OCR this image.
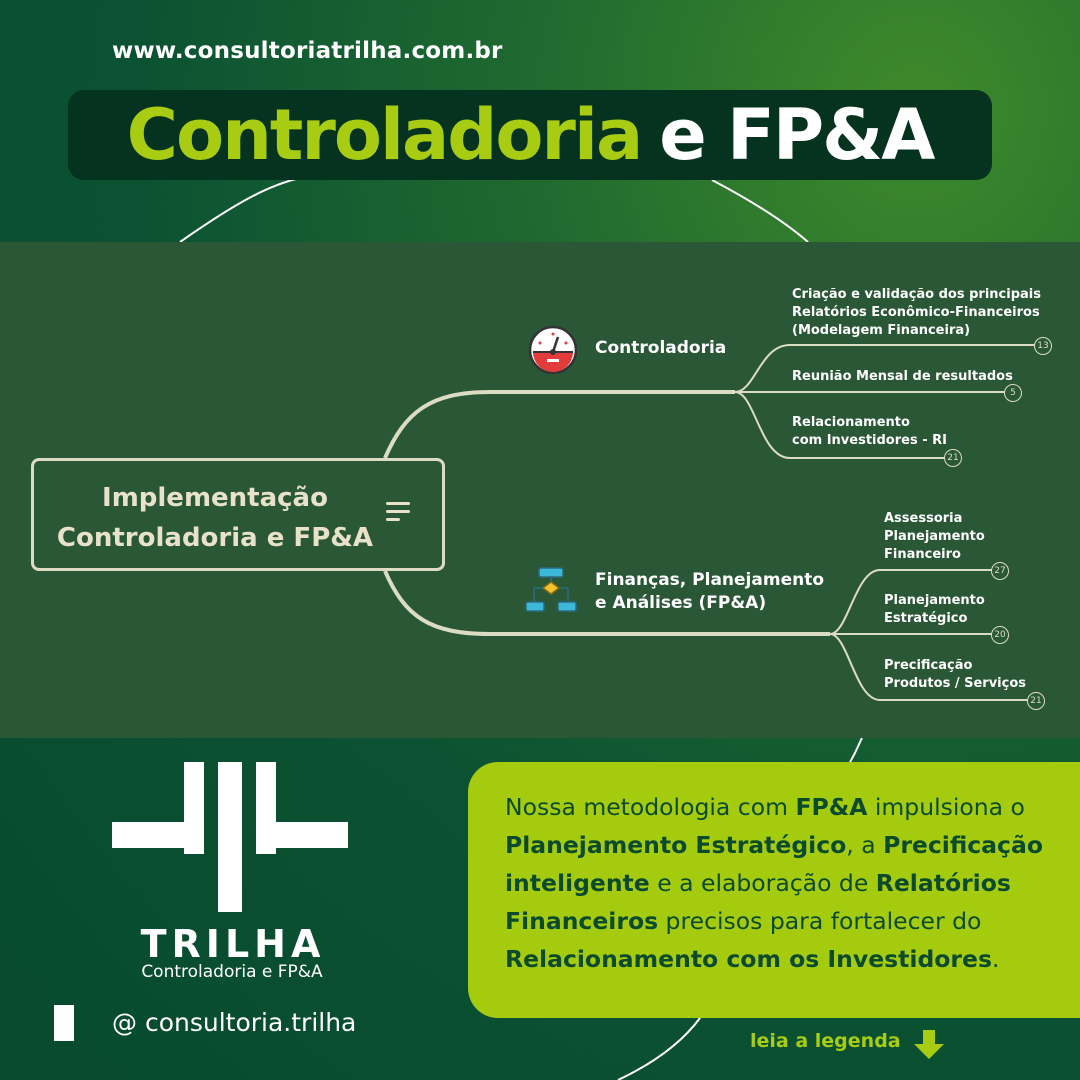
www.consultoriatrilha.com.br
Controladoria e FP&A
Implementação
Controladoria e FP&A
Controladoria
Criação e validação dos principais
Relatórios Econômico-Financeiros
(Modelagem Financeira)
13
Reunião Mensal de resultados
5
Relacionamento
com Investidores - RI
21
Finanças, Planejamento
e Análises (FP&A)
Assessoria
Planejamento
Financeiro
27
Planejamento
Estratégico
20
Precificação
Produtos / Serviços
21
TRILHA
Controladoria e FP&A
@ consultoria.trilha
Nossa metodologia com FP&A impulsiona o Planejamento Estratégico, a Precificação inteligente e a elaboração de Relatórios Financeiros precisos para fortalecer do Relacionamento com os Investidores.
leia a legenda
